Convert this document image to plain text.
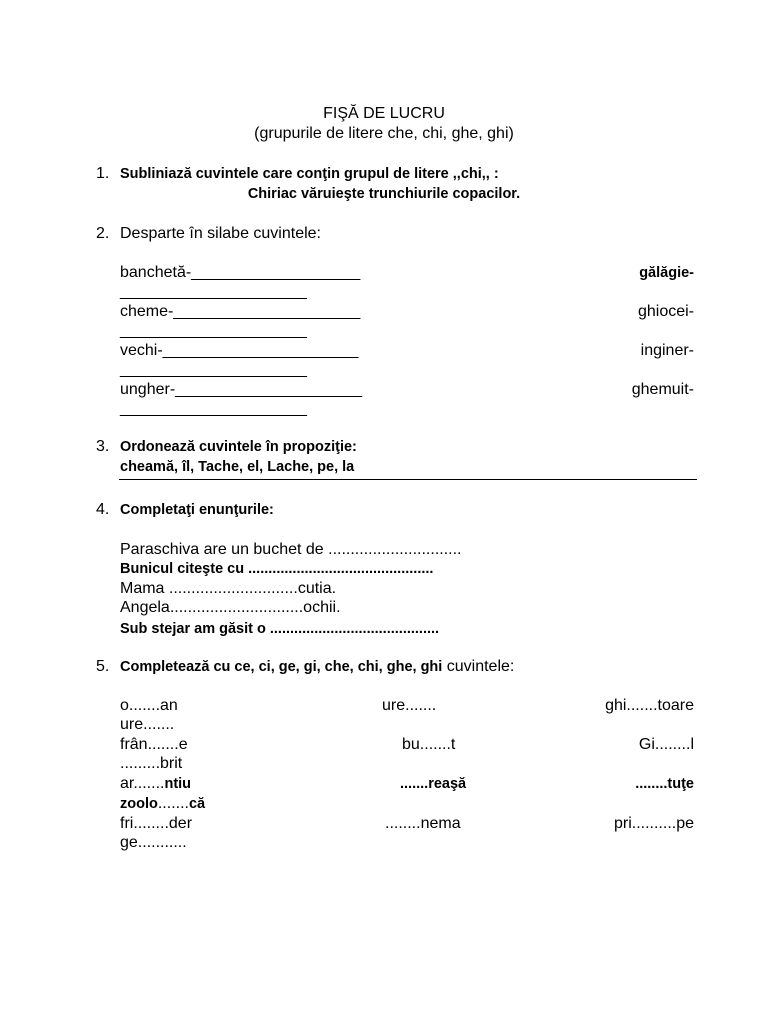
FIŞĂ DE LUCRU
(grupurile de litere che, chi, ghe, ghi)
1. Subliniază cuvintele care conţin grupul de litere ,,chi,, :
Chiriac văruieşte trunchiurile copacilor.
2. Desparte în silabe cuvintele:
banchetă-___________________	gălăgie-
_____________________
cheme-_____________________	ghiocei-
_____________________
vechi-______________________	inginer-
_____________________
ungher-_____________________	ghemuit-
_____________________
3. Ordonează cuvintele în propoziţie:
cheamă, îl, Tache, el, Lache, pe, la
4. Completaţi enunţurile:
Paraschiva are un buchet de ..............................
Bunicul citeşte cu ..............................................
Mama .............................cutia.
Angela..............................ochii.
Sub stejar am găsit o ..........................................
5. Completează cu ce, ci, ge, gi, che, chi, ghe, ghi cuvintele:
o.......an	ure.......	ghi.......toare
ure.......
frân.......e	bu.......t	Gi........l
.........brit
ar.......ntiu	.......reaşă	........tuţe
zoolo.......că
fri........der	........nema	pri..........pe
ge...........
